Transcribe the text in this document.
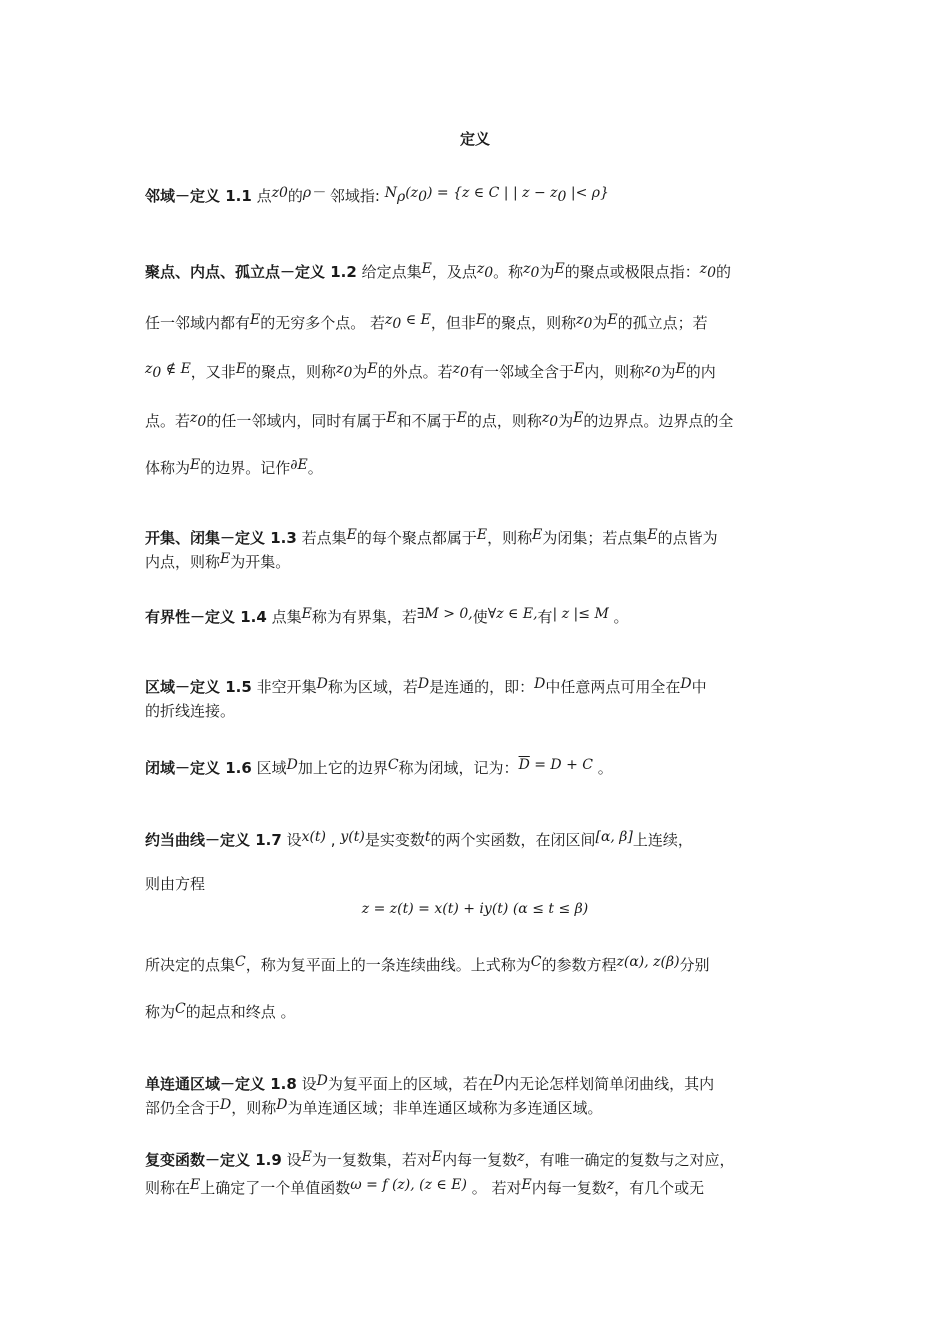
定义
邻域－定义 1.1 点z0的ρ－ 邻域指: Nρ(z0) = {z ∈ C | | z − z0 |< ρ}
聚点、内点、孤立点－定义 1.2 给定点集E，及点z0。称z0为E的聚点或极限点指：z0的
任一邻域内都有E的无穷多个点。 若z0 ∈ E，但非E的聚点，则称z0为E的孤立点；若
z0 ∉ E，又非E的聚点，则称z0为E的外点。若z0有一邻域全含于E内，则称z0为E的内
点。若z0的任一邻域内，同时有属于E和不属于E的点，则称z0为E的边界点。边界点的全
体称为E的边界。记作∂E。
开集、闭集－定义 1.3 若点集E的每个聚点都属于E，则称E为闭集；若点集E的点皆为
内点，则称E为开集。
有界性－定义 1.4 点集E称为有界集，若∃M > 0,使∀z ∈ E,有| z |≤ M 。
区域－定义 1.5 非空开集D称为区域，若D是连通的，即：D中任意两点可用全在D中
的折线连接。
闭域－定义 1.6 区域D加上它的边界C称为闭域，记为：$\overline{D} = D + C$ 。
约当曲线－定义 1.7 设x(t) , y(t)是实变数t的两个实函数，在闭区间[α, β]上连续，
则由方程
z = z(t) = x(t) + iy(t) (α ≤ t ≤ β)
所决定的点集C，称为复平面上的一条连续曲线。上式称为C的参数方程z(α), z(β)分别
称为C的起点和终点 。
单连通区域－定义 1.8 设D为复平面上的区域，若在D内无论怎样划简单闭曲线，其内
部仍全含于D，则称D为单连通区域；非单连通区域称为多连通区域。
复变函数－定义 1.9 设E为一复数集，若对E内每一复数z，有唯一确定的复数与之对应，
则称在E上确定了一个单值函数ω = f (z), (z ∈ E) 。 若对E内每一复数z，有几个或无
